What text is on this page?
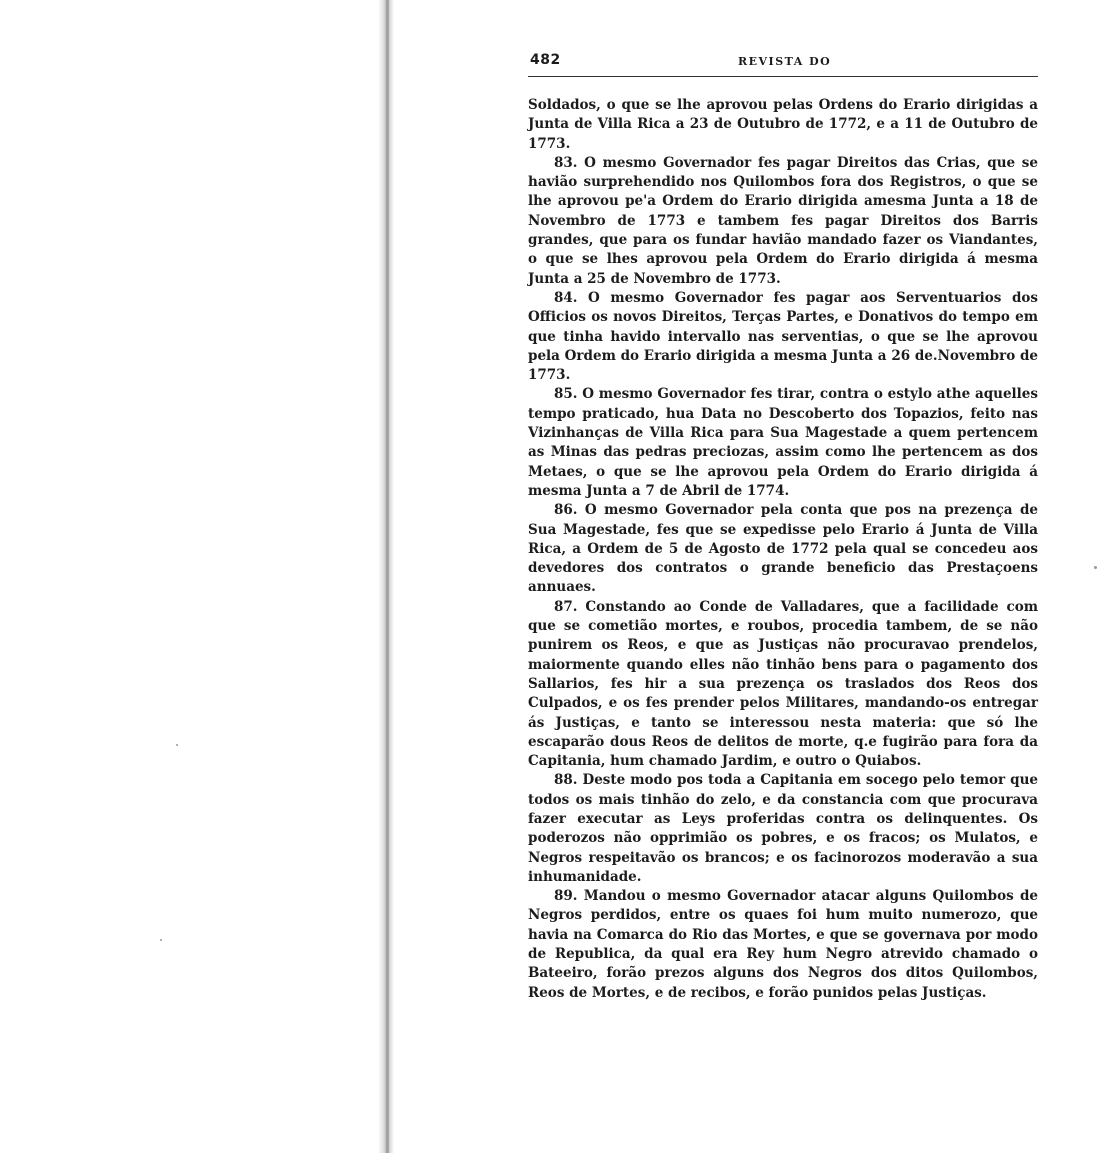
482	REVISTA DO

Soldados, o que se lhe aprovou pelas Ordens do Erario dirigidas a Junta de Villa Rica a 23 de Outubro de 1772, e a 11 de Outubro de 1773.

83. O mesmo Governador fes pagar Direitos das Crias, que se havião surprehendido nos Quilombos fora dos Registros, o que se lhe aprovou pe'a Ordem do Erario dirigida amesma Junta a 18 de Novembro de 1773 e tambem fes pagar Direitos dos Barris grandes, que para os fundar havião mandado fazer os Viandantes, o que se lhes aprovou pela Ordem do Erario dirigida á mesma Junta a 25 de Novembro de 1773.

84. O mesmo Governador fes pagar aos Serventuarios dos Officios os novos Direitos, Terças Partes, e Donativos do tempo em que tinha havido intervallo nas serventias, o que se lhe aprovou pela Ordem do Erario dirigida a mesma Junta a 26 de.Novembro de 1773.

85. O mesmo Governador fes tirar, contra o estylo athe aquelles tempo praticado, hua Data no Descoberto dos Topazios, feito nas Vizinhanças de Villa Rica para Sua Magestade a quem pertencem as Minas das pedras preciozas, assim como lhe pertencem as dos Metaes, o que se lhe aprovou pela Ordem do Erario dirigida á mesma Junta a 7 de Abril de 1774.

86. O mesmo Governador pela conta que pos na prezença de Sua Magestade, fes que se expedisse pelo Erario á Junta de Villa Rica, a Ordem de 5 de Agosto de 1772 pela qual se concedeu aos devedores dos contratos o grande beneficio das Prestaçoens annuaes.

87. Constando ao Conde de Valladares, que a facilidade com que se cometião mortes, e roubos, procedia tambem, de se não punirem os Reos, e que as Justiças não procuravao prendelos, maiormente quando elles não tinhão bens para o pagamento dos Sallarios, fes hir a sua prezença os traslados dos Reos dos Culpados, e os fes prender pelos Militares, mandando-os entregar ás Justiças, e tanto se interessou nesta materia: que só lhe escaparão dous Reos de delitos de morte, q.e fugirão para fora da Capitania, hum chamado Jardim, e outro o Quiabos.

88. Deste modo pos toda a Capitania em socego pelo temor que todos os mais tinhão do zelo, e da constancia com que procurava fazer executar as Leys proferidas contra os delinquentes. Os poderozos não opprimião os pobres, e os fracos; os Mulatos, e Negros respeitavão os brancos; e os facinorozos moderavão a sua inhumanidade.

89. Mandou o mesmo Governador atacar alguns Quilombos de Negros perdidos, entre os quaes foi hum muito numerozo, que havia na Comarca do Rio das Mortes, e que se governava por modo de Republica, da qual era Rey hum Negro atrevido chamado o Bateeiro, forão prezos alguns dos Negros dos ditos Quilombos, Reos de Mortes, e de recibos, e forão punidos pelas Justiças.
